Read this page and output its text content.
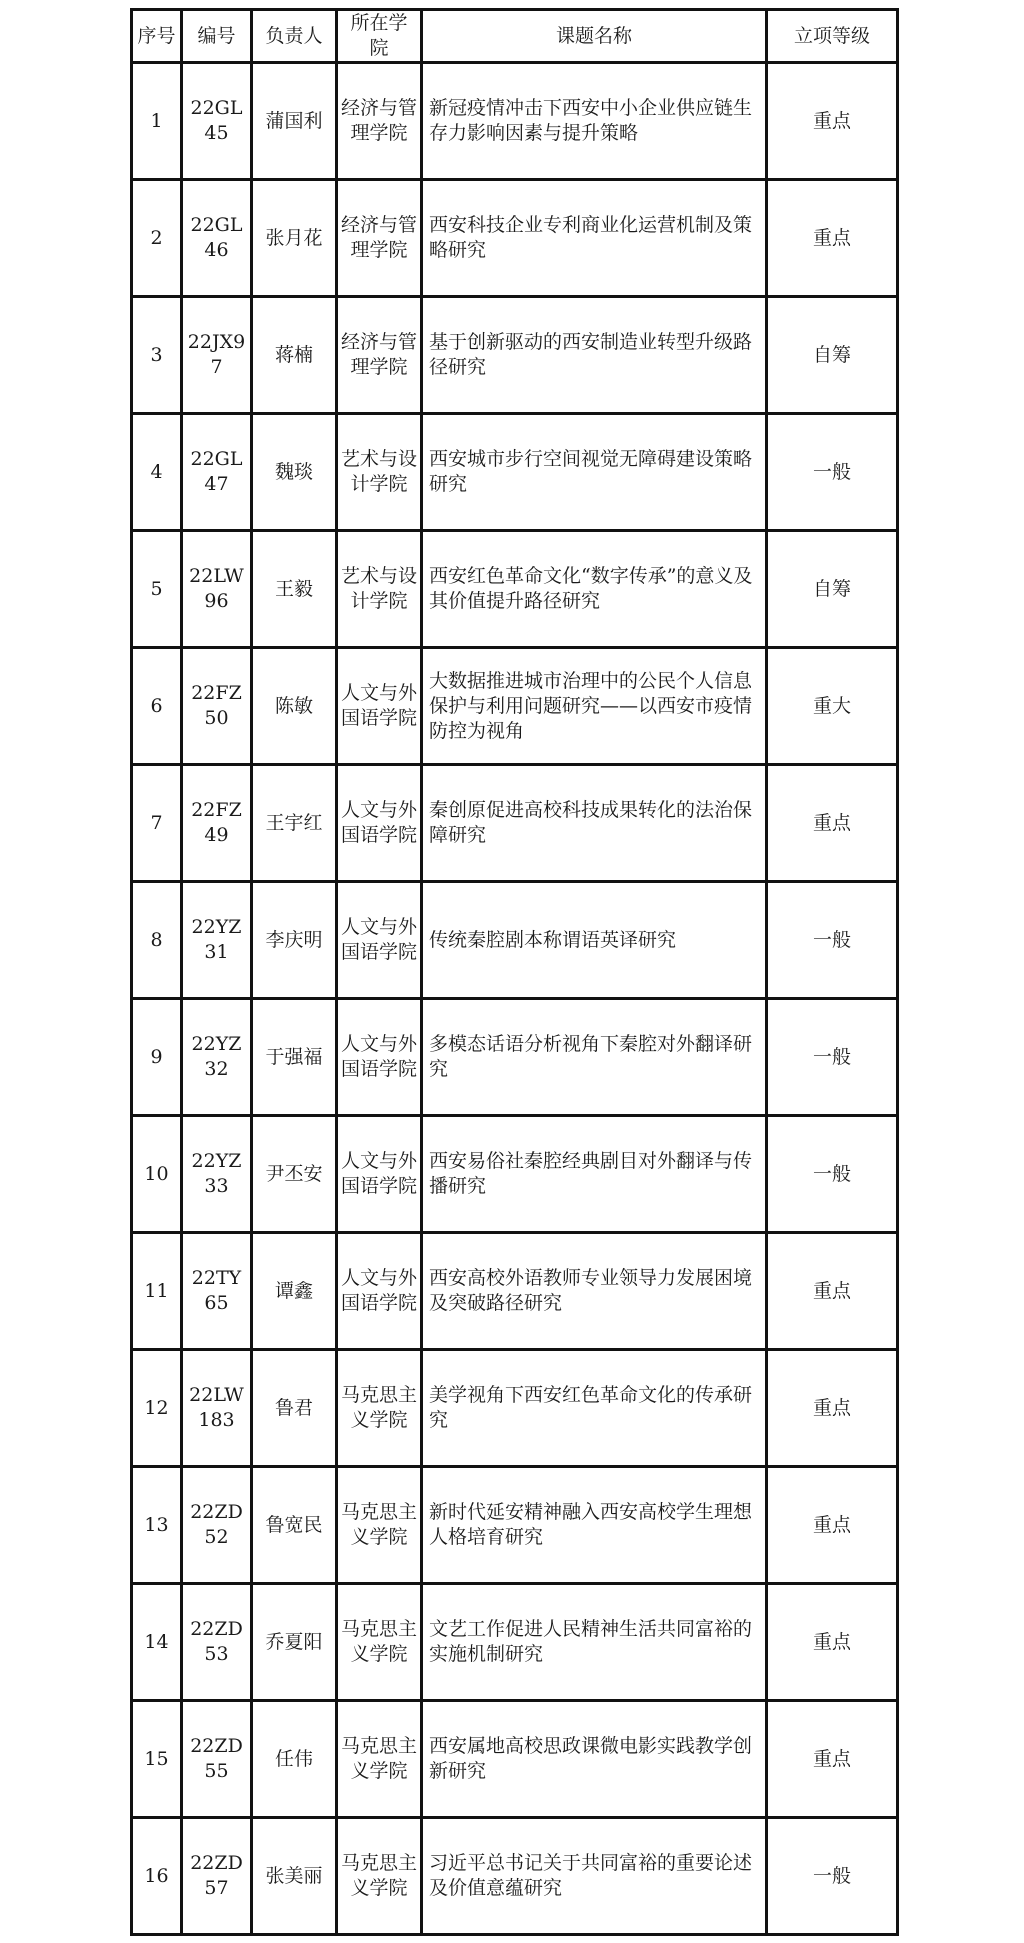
序号	编号	负责人	所在学院	课题名称	立项等级
1	22GL45	蒲国利	经济与管理学院	新冠疫情冲击下西安中小企业供应链生存力影响因素与提升策略	重点
2	22GL46	张月花	经济与管理学院	西安科技企业专利商业化运营机制及策略研究	重点
3	22JX97	蒋楠	经济与管理学院	基于创新驱动的西安制造业转型升级路径研究	自筹
4	22GL47	魏琰	艺术与设计学院	西安城市步行空间视觉无障碍建设策略研究	一般
5	22LW96	王毅	艺术与设计学院	西安红色革命文化“数字传承”的意义及其价值提升路径研究	自筹
6	22FZ50	陈敏	人文与外国语学院	大数据推进城市治理中的公民个人信息保护与利用问题研究——以西安市疫情防控为视角	重大
7	22FZ49	王宇红	人文与外国语学院	秦创原促进高校科技成果转化的法治保障研究	重点
8	22YZ31	李庆明	人文与外国语学院	传统秦腔剧本称谓语英译研究	一般
9	22YZ32	于强福	人文与外国语学院	多模态话语分析视角下秦腔对外翻译研究	一般
10	22YZ33	尹丕安	人文与外国语学院	西安易俗社秦腔经典剧目对外翻译与传播研究	一般
11	22TY65	谭鑫	人文与外国语学院	西安高校外语教师专业领导力发展困境及突破路径研究	重点
12	22LW183	鲁君	马克思主义学院	美学视角下西安红色革命文化的传承研究	重点
13	22ZD52	鲁宽民	马克思主义学院	新时代延安精神融入西安高校学生理想人格培育研究	重点
14	22ZD53	乔夏阳	马克思主义学院	文艺工作促进人民精神生活共同富裕的实施机制研究	重点
15	22ZD55	任伟	马克思主义学院	西安属地高校思政课微电影实践教学创新研究	重点
16	22ZD57	张美丽	马克思主义学院	习近平总书记关于共同富裕的重要论述及价值意蕴研究	一般
